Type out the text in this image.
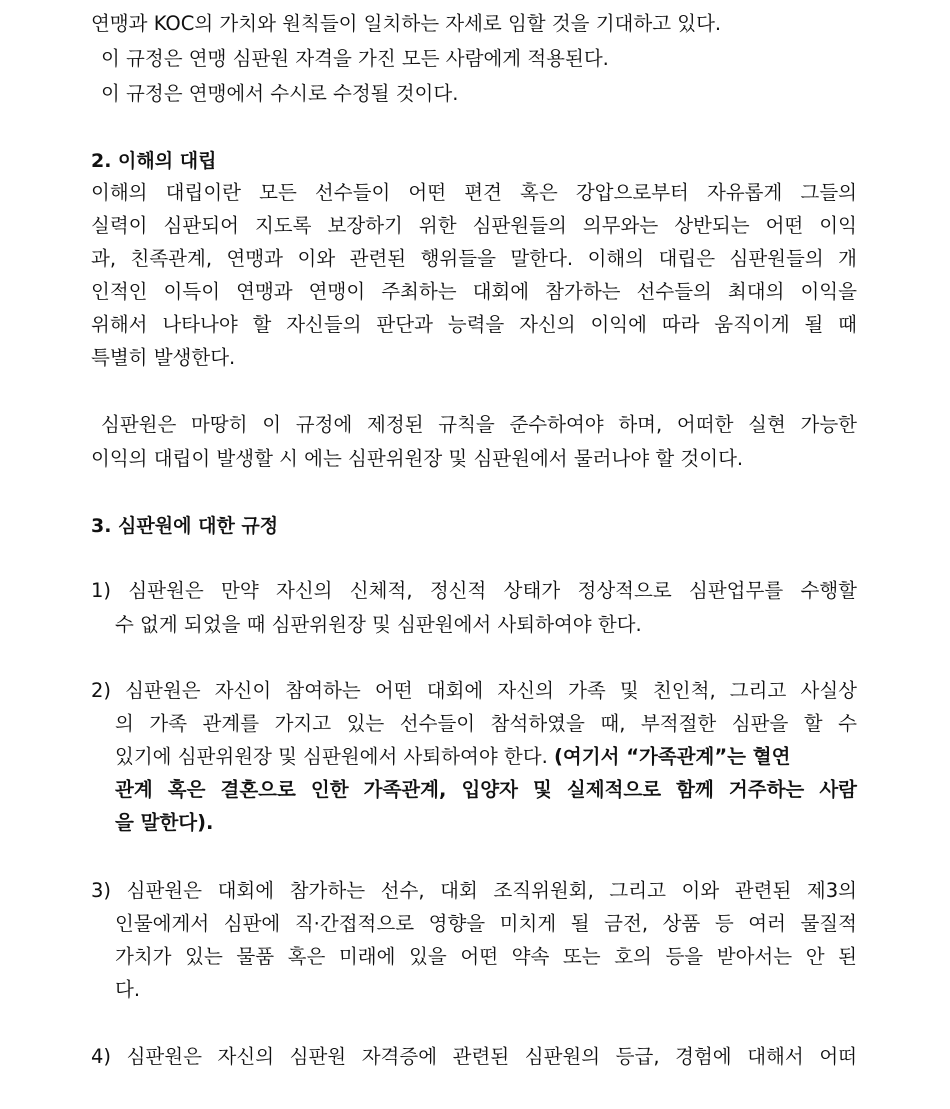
연맹과 KOC의 가치와 원칙들이 일치하는 자세로 임할 것을 기대하고 있다.
이 규정은 연맹 심판원 자격을 가진 모든 사람에게 적용된다.
이 규정은 연맹에서 수시로 수정될 것이다.
2. 이해의 대립
이해의 대립이란 모든 선수들이 어떤 편견 혹은 강압으로부터 자유롭게 그들의
실력이 심판되어 지도록 보장하기 위한 심판원들의 의무와는 상반되는 어떤 이익
과, 친족관계, 연맹과 이와 관련된 행위들을 말한다. 이해의 대립은 심판원들의 개
인적인 이득이 연맹과 연맹이 주최하는 대회에 참가하는 선수들의 최대의 이익을
위해서 나타나야 할 자신들의 판단과 능력을 자신의 이익에 따라 움직이게 될 때
특별히 발생한다.
심판원은 마땅히 이 규정에 제정된 규칙을 준수하여야 하며, 어떠한 실현 가능한
이익의 대립이 발생할 시 에는 심판위원장 및 심판원에서 물러나야 할 것이다.
3. 심판원에 대한 규정
1) 심판원은 만약 자신의 신체적, 정신적 상태가 정상적으로 심판업무를 수행할
수 없게 되었을 때 심판위원장 및 심판원에서 사퇴하여야 한다.
2) 심판원은 자신이 참여하는 어떤 대회에 자신의 가족 및 친인척, 그리고 사실상
의 가족 관계를 가지고 있는 선수들이 참석하였을 때, 부적절한 심판을 할 수
있기에 심판위원장 및 심판원에서 사퇴하여야 한다. (여기서 “가족관계”는 혈연
관계 혹은 결혼으로 인한 가족관계, 입양자 및 실제적으로 함께 거주하는 사람
을 말한다).
3) 심판원은 대회에 참가하는 선수, 대회 조직위원회, 그리고 이와 관련된 제3의
인물에게서 심판에 직·간접적으로 영향을 미치게 될 금전, 상품 등 여러 물질적
가치가 있는 물품 혹은 미래에 있을 어떤 약속 또는 호의 등을 받아서는 안 된
다.
4) 심판원은 자신의 심판원 자격증에 관련된 심판원의 등급, 경험에 대해서 어떠
